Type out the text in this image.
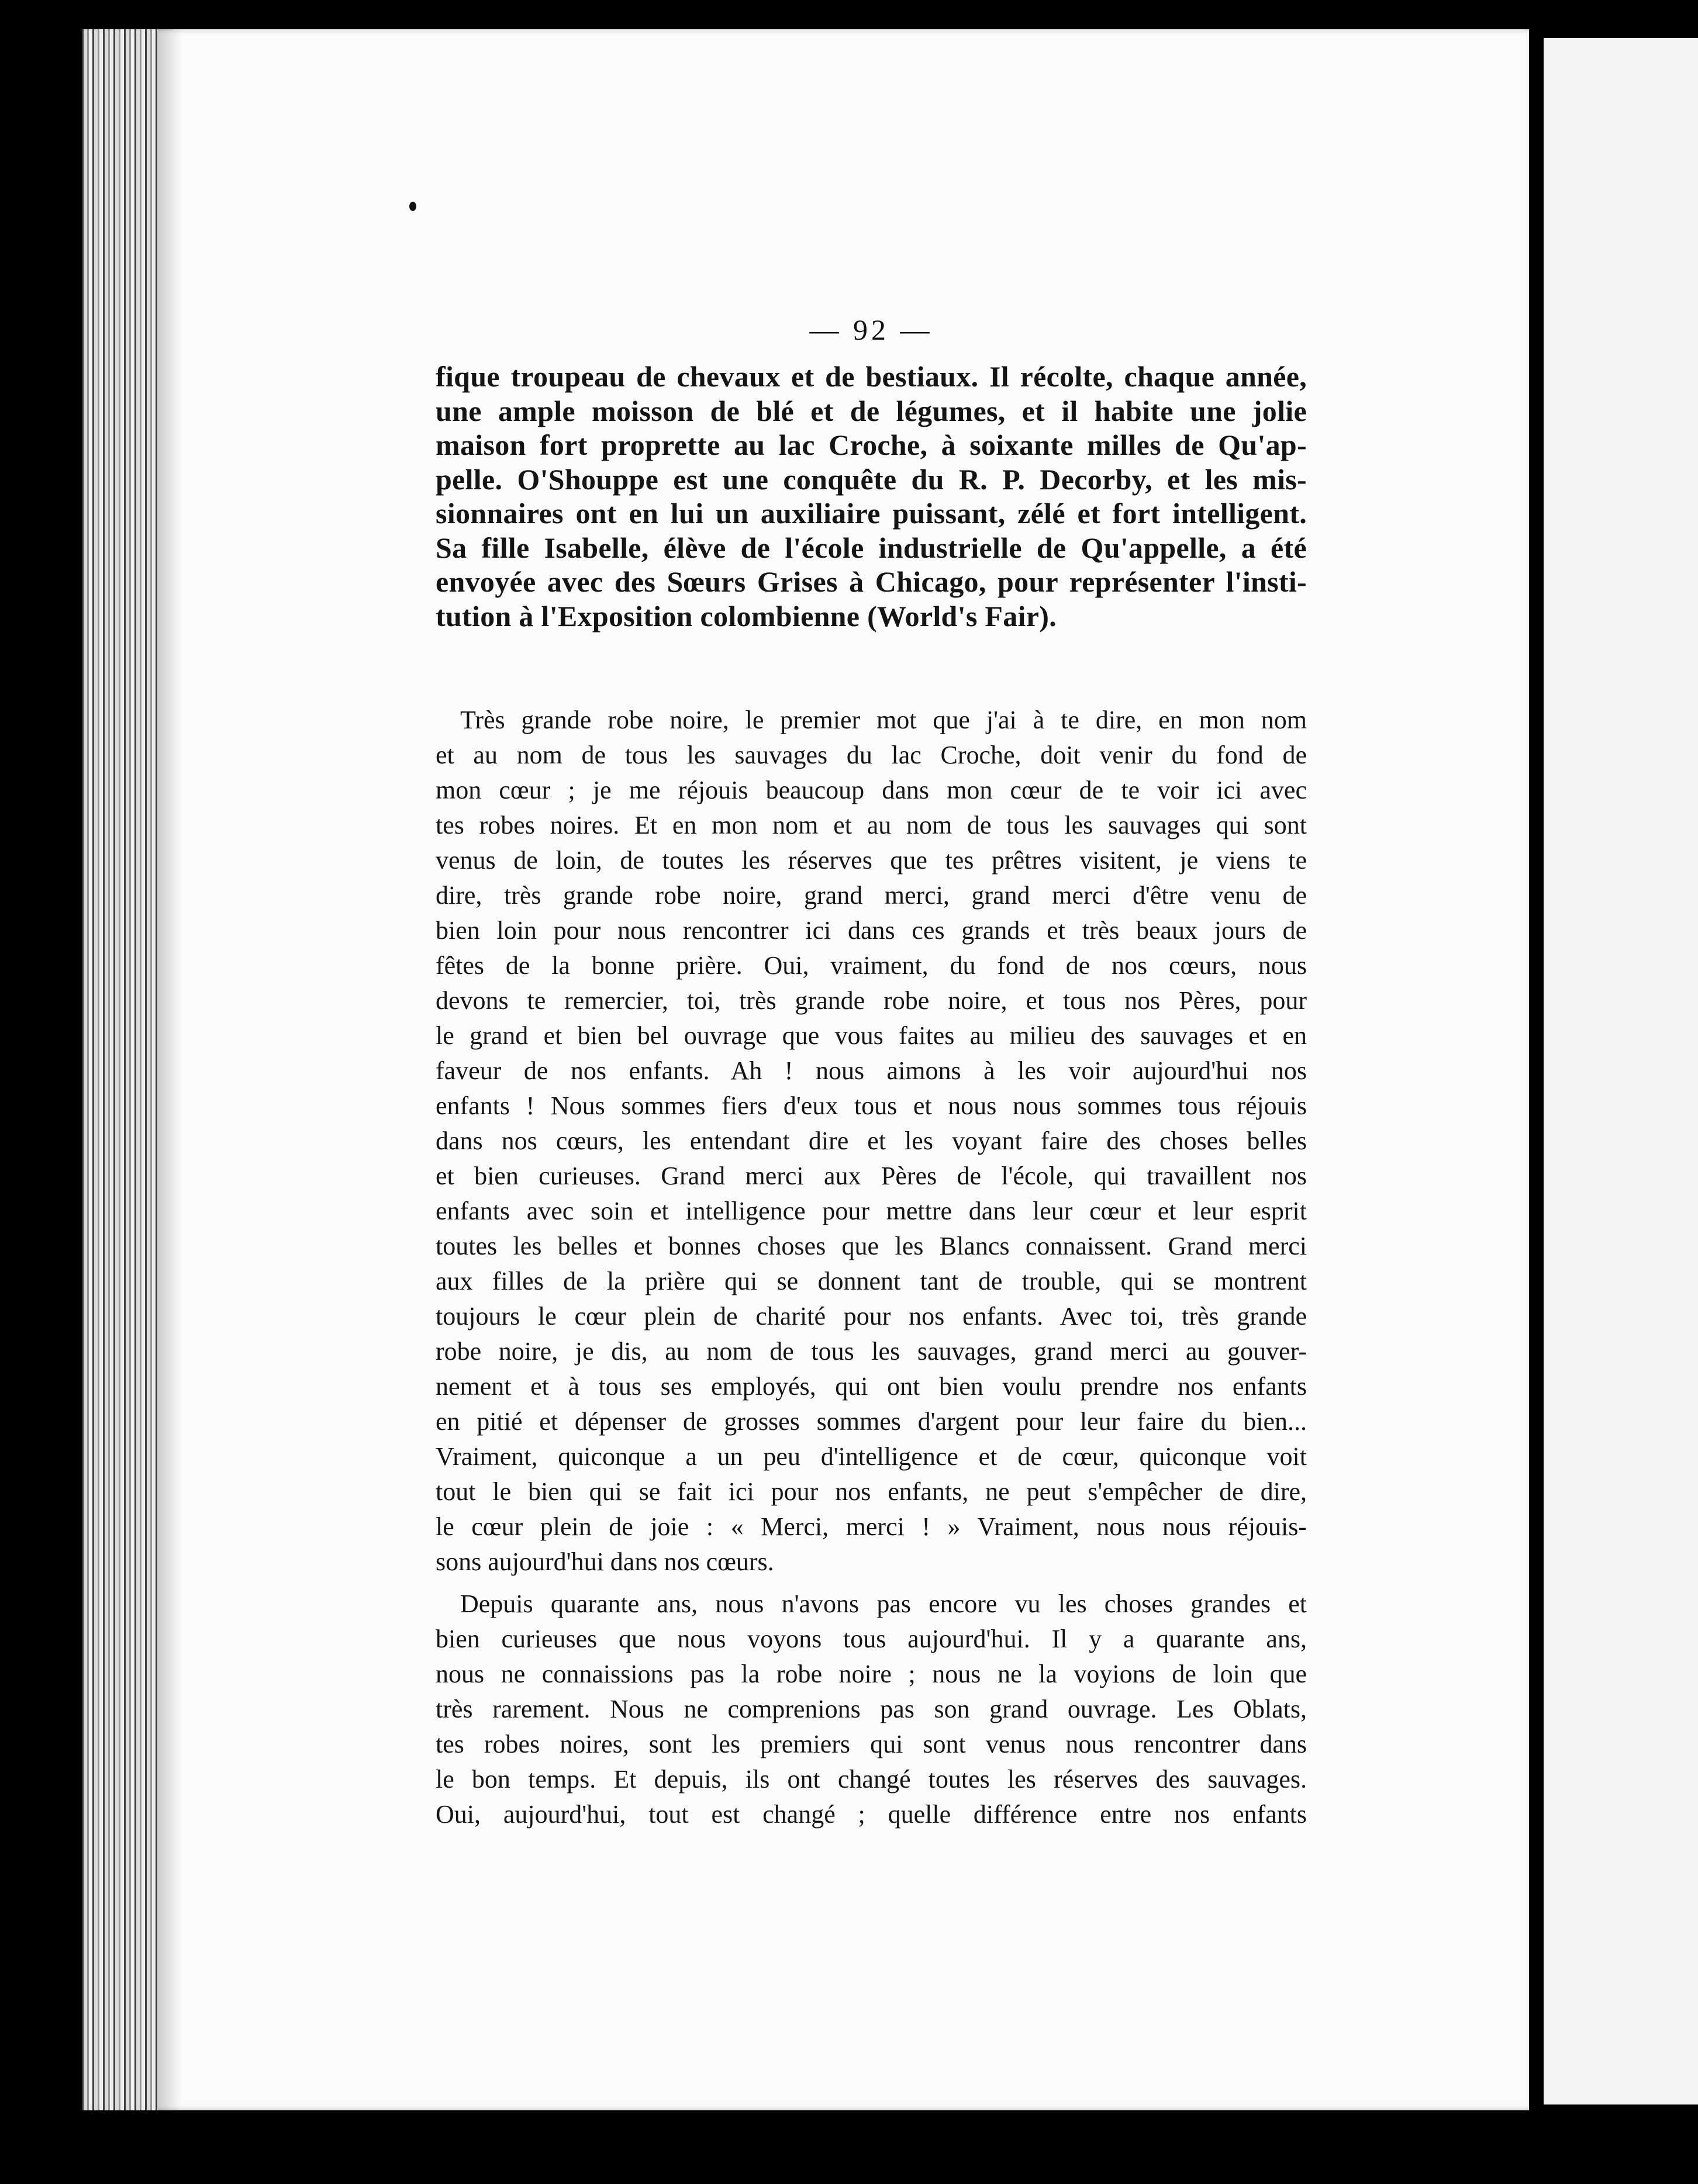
— 92 —
fique troupeau de chevaux et de bestiaux. Il récolte, chaque année,
une ample moisson de blé et de légumes, et il habite une jolie
maison fort proprette au lac Croche, à soixante milles de Qu'ap-
pelle. O'Shouppe est une conquête du R. P. Decorby, et les mis-
sionnaires ont en lui un auxiliaire puissant, zélé et fort intelligent.
Sa fille Isabelle, élève de l'école industrielle de Qu'appelle, a été
envoyée avec des Sœurs Grises à Chicago, pour représenter l'insti-
tution à l'Exposition colombienne (World's Fair).
Très grande robe noire, le premier mot que j'ai à te dire, en mon nom
et au nom de tous les sauvages du lac Croche, doit venir du fond de
mon cœur ; je me réjouis beaucoup dans mon cœur de te voir ici avec
tes robes noires. Et en mon nom et au nom de tous les sauvages qui sont
venus de loin, de toutes les réserves que tes prêtres visitent, je viens te
dire, très grande robe noire, grand merci, grand merci d'être venu de
bien loin pour nous rencontrer ici dans ces grands et très beaux jours de
fêtes de la bonne prière. Oui, vraiment, du fond de nos cœurs, nous
devons te remercier, toi, très grande robe noire, et tous nos Pères, pour
le grand et bien bel ouvrage que vous faites au milieu des sauvages et en
faveur de nos enfants. Ah ! nous aimons à les voir aujourd'hui nos
enfants ! Nous sommes fiers d'eux tous et nous nous sommes tous réjouis
dans nos cœurs, les entendant dire et les voyant faire des choses belles
et bien curieuses. Grand merci aux Pères de l'école, qui travaillent nos
enfants avec soin et intelligence pour mettre dans leur cœur et leur esprit
toutes les belles et bonnes choses que les Blancs connaissent. Grand merci
aux filles de la prière qui se donnent tant de trouble, qui se montrent
toujours le cœur plein de charité pour nos enfants. Avec toi, très grande
robe noire, je dis, au nom de tous les sauvages, grand merci au gouver-
nement et à tous ses employés, qui ont bien voulu prendre nos enfants
en pitié et dépenser de grosses sommes d'argent pour leur faire du bien...
Vraiment, quiconque a un peu d'intelligence et de cœur, quiconque voit
tout le bien qui se fait ici pour nos enfants, ne peut s'empêcher de dire,
le cœur plein de joie : « Merci, merci ! » Vraiment, nous nous réjouis-
sons aujourd'hui dans nos cœurs.
Depuis quarante ans, nous n'avons pas encore vu les choses grandes et
bien curieuses que nous voyons tous aujourd'hui. Il y a quarante ans,
nous ne connaissions pas la robe noire ; nous ne la voyions de loin que
très rarement. Nous ne comprenions pas son grand ouvrage. Les Oblats,
tes robes noires, sont les premiers qui sont venus nous rencontrer dans
le bon temps. Et depuis, ils ont changé toutes les réserves des sauvages.
Oui, aujourd'hui, tout est changé ; quelle différence entre nos enfants
